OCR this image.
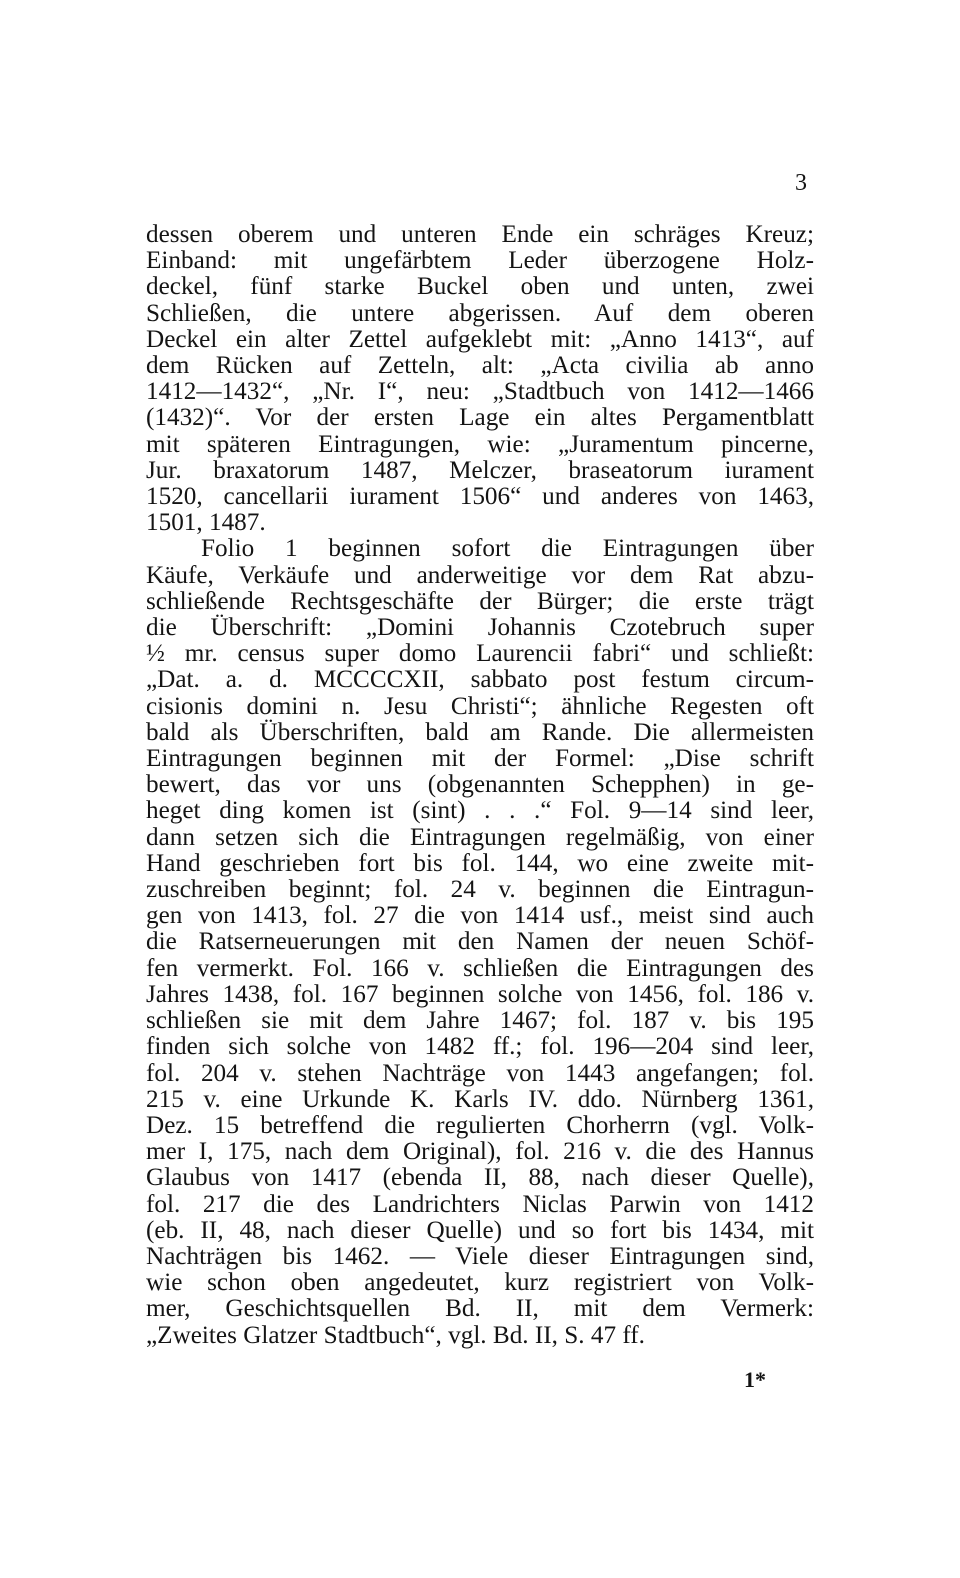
3
dessen oberem und unteren Ende ein schräges Kreuz;
Einband: mit ungefärbtem Leder überzogene Holz-
deckel, fünf starke Buckel oben und unten, zwei
Schließen, die untere abgerissen. Auf dem oberen
Deckel ein alter Zettel aufgeklebt mit: „Anno 1413“, auf
dem Rücken auf Zetteln, alt: „Acta civilia ab anno
1412—1432“, „Nr. I“, neu: „Stadtbuch von 1412—1466
(1432)“. Vor der ersten Lage ein altes Pergamentblatt
mit späteren Eintragungen, wie: „Juramentum pincerne,
Jur. braxatorum 1487, Melczer, braseatorum iurament
1520, cancellarii iurament 1506“ und anderes von 1463,
1501, 1487.
Folio 1 beginnen sofort die Eintragungen über
Käufe, Verkäufe und anderweitige vor dem Rat abzu-
schließende Rechtsgeschäfte der Bürger; die erste trägt
die Überschrift: „Domini Johannis Czotebruch super
½ mr. census super domo Laurencii fabri“ und schließt:
„Dat. a. d. MCCCCXII, sabbato post festum circum-
cisionis domini n. Jesu Christi“; ähnliche Regesten oft
bald als Überschriften, bald am Rande. Die allermeisten
Eintragungen beginnen mit der Formel: „Dise schrift
bewert, das vor uns (obgenannten Schepphen) in ge-
heget ding komen ist (sint) . . .“ Fol. 9—14 sind leer,
dann setzen sich die Eintragungen regelmäßig, von einer
Hand geschrieben fort bis fol. 144, wo eine zweite mit-
zuschreiben beginnt; fol. 24 v. beginnen die Eintragun-
gen von 1413, fol. 27 die von 1414 usf., meist sind auch
die Ratserneuerungen mit den Namen der neuen Schöf-
fen vermerkt. Fol. 166 v. schließen die Eintragungen des
Jahres 1438, fol. 167 beginnen solche von 1456, fol. 186 v.
schließen sie mit dem Jahre 1467; fol. 187 v. bis 195
finden sich solche von 1482 ff.; fol. 196—204 sind leer,
fol. 204 v. stehen Nachträge von 1443 angefangen; fol.
215 v. eine Urkunde K. Karls IV. ddo. Nürnberg 1361,
Dez. 15 betreffend die regulierten Chorherrn (vgl. Volk-
mer I, 175, nach dem Original), fol. 216 v. die des Hannus
Glaubus von 1417 (ebenda II, 88, nach dieser Quelle),
fol. 217 die des Landrichters Niclas Parwin von 1412
(eb. II, 48, nach dieser Quelle) und so fort bis 1434, mit
Nachträgen bis 1462. — Viele dieser Eintragungen sind,
wie schon oben angedeutet, kurz registriert von Volk-
mer, Geschichtsquellen Bd. II, mit dem Vermerk:
„Zweites Glatzer Stadtbuch“, vgl. Bd. II, S. 47 ff.
1*
